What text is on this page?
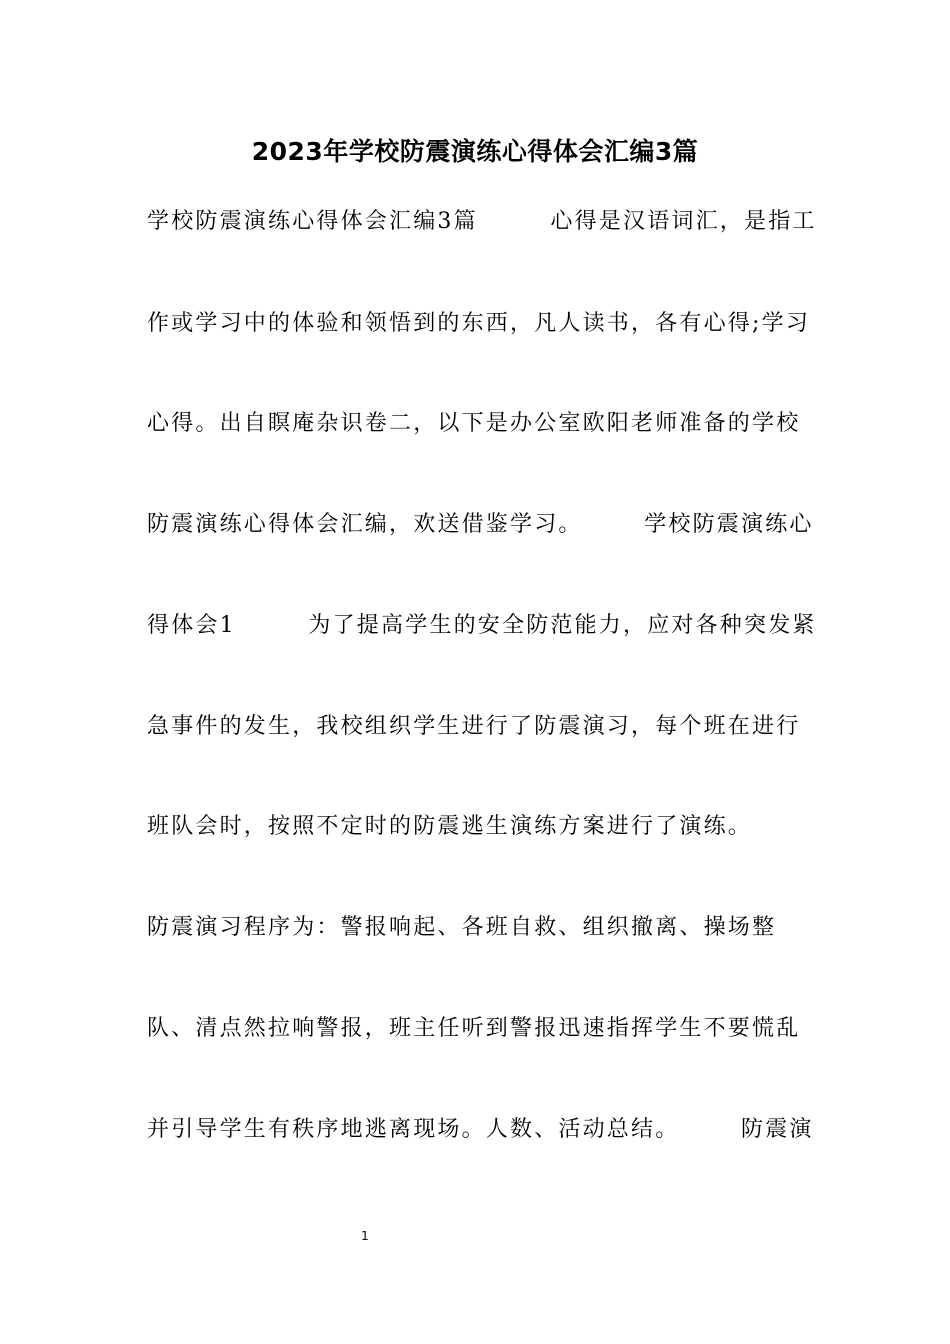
2023年学校防震演练心得体会汇编3篇

学校防震演练心得体会汇编3篇　　　心得是汉语词汇，是指工

作或学习中的体验和领悟到的东西，凡人读书，各有心得;学习

心得。出自瞑庵杂识卷二，以下是办公室欧阳老师准备的学校

防震演练心得体会汇编，欢送借鉴学习。　　　学校防震演练心

得体会1　　　为了提高学生的安全防范能力，应对各种突发紧

急事件的发生，我校组织学生进行了防震演习，每个班在进行

班队会时，按照不定时的防震逃生演练方案进行了演练。

防震演习程序为：警报响起、各班自救、组织撤离、操场整

队、清点然拉响警报，班主任听到警报迅速指挥学生不要慌乱

并引导学生有秩序地逃离现场。人数、活动总结。　　　防震演

1
